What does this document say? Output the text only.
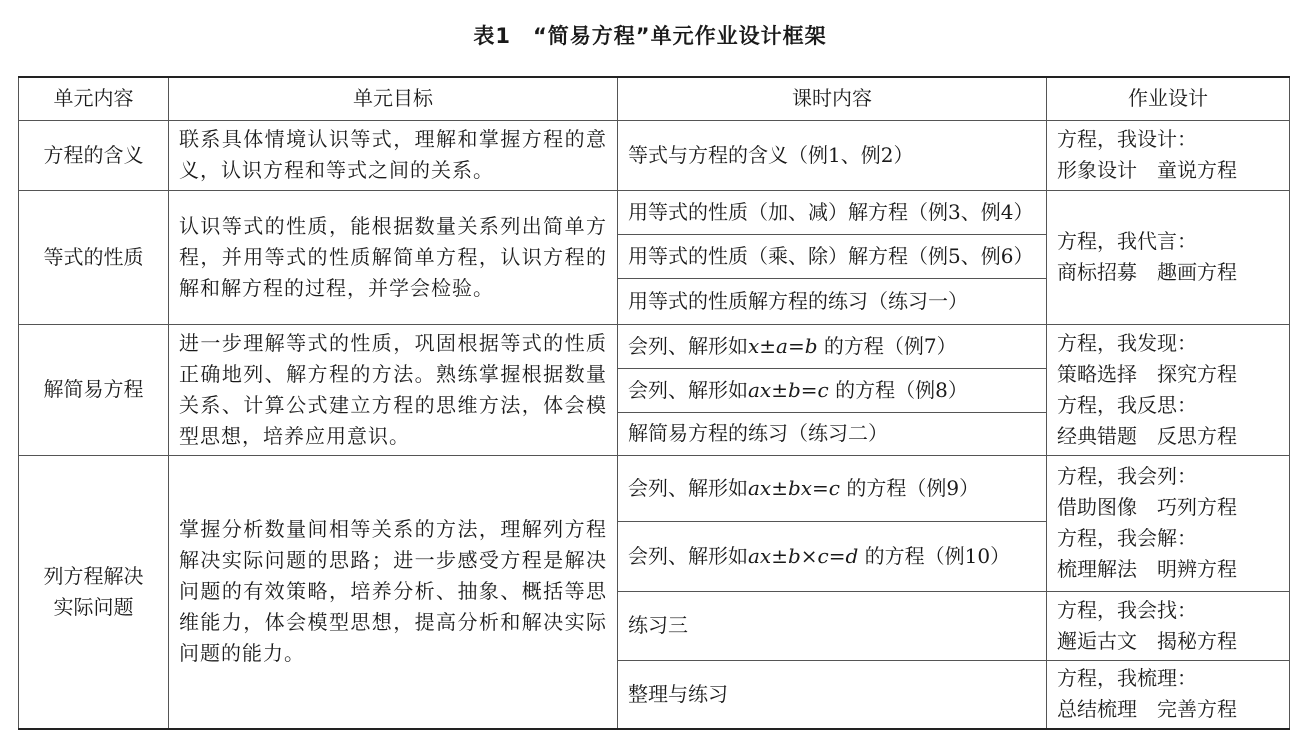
表1 “简易方程”单元作业设计框架
单元内容	单元目标	课时内容	作业设计
方程的含义	联系具体情境认识等式，理解和掌握方程的意义，认识方程和等式之间的关系。	等式与方程的含义（例1、例2）	方程，我设计：
形象设计　童说方程
等式的性质	认识等式的性质，能根据数量关系列出简单方程，并用等式的性质解简单方程，认识方程的解和解方程的过程，并学会检验。	用等式的性质（加、减）解方程（例3、例4）	方程，我代言：
商标招募　趣画方程
		用等式的性质（乘、除）解方程（例5、例6）	
		用等式的性质解方程的练习（练习一）	
解简易方程	进一步理解等式的性质，巩固根据等式的性质正确地列、解方程的方法。熟练掌握根据数量关系、计算公式建立方程的思维方法，体会模型思想，培养应用意识。	会列、解形如x±a=b 的方程（例7）	方程，我发现：
策略选择　探究方程
方程，我反思：
经典错题　反思方程
		会列、解形如ax±b=c 的方程（例8）	
		解简易方程的练习（练习二）	
列方程解决
实际问题	掌握分析数量间相等关系的方法，理解列方程解决实际问题的思路；进一步感受方程是解决问题的有效策略，培养分析、抽象、概括等思维能力，体会模型思想，提高分析和解决实际问题的能力。	会列、解形如ax±bx=c 的方程（例9）	方程，我会列：
借助图像　巧列方程
方程，我会解：
梳理解法　明辨方程
		会列、解形如ax±b×c=d 的方程（例10）	
		练习三	方程，我会找：
邂逅古文　揭秘方程
		整理与练习	方程，我梳理：
总结梳理　完善方程
